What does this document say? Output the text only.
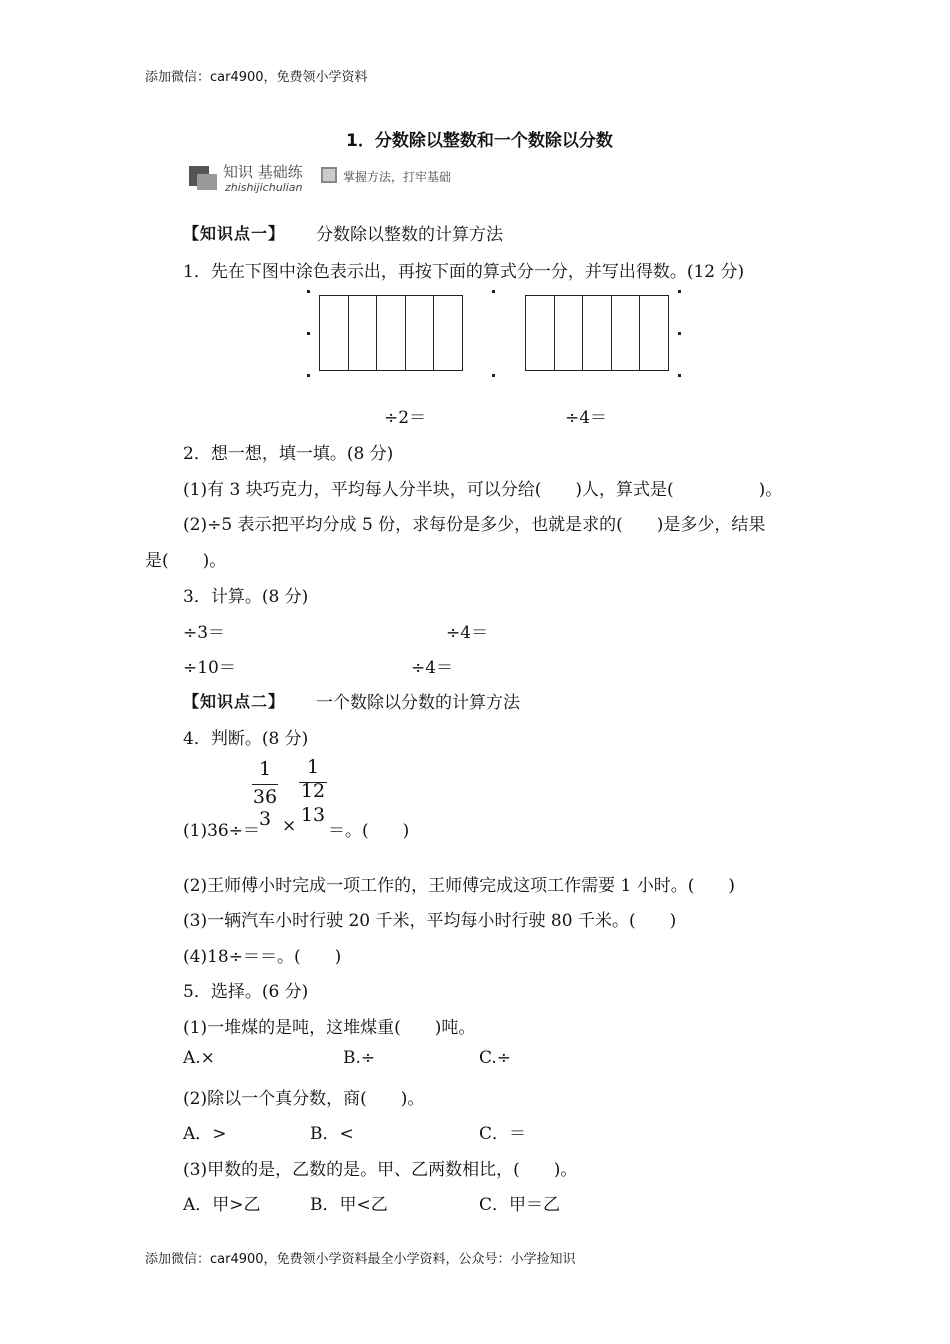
添加微信：car4900，免费领小学资料
1．分数除以整数和一个数除以分数
知识 基础练
zhishijichulian
掌握方法，打牢基础
【知识点一】 分数除以整数的计算方法
1．先在下图中涂色表示出，再按下面的算式分一分，并写出得数。(12 分)
÷2＝	÷4＝
2．想一想，填一填。(8 分)
(1)有 3 块巧克力，平均每人分半块，可以分给(　　)人，算式是(　　　　　)。
(2)÷5 表示把平均分成 5 份，求每份是多少，也就是求的(　　)是多少，结果
是(　　)。
3．计算。(8 分)
÷3＝	÷4＝
÷10＝	÷4＝
【知识点二】 一个数除以分数的计算方法
4．判断。(8 分)
1
36
3
1
12
13
(1)36÷＝ × ＝。(　　)
(2)王师傅小时完成一项工作的，王师傅完成这项工作需要 1 小时。(　　)
(3)一辆汽车小时行驶 20 千米，平均每小时行驶 80 千米。(　　)
(4)18÷＝＝。(　　)
5．选择。(6 分)
(1)一堆煤的是吨，这堆煤重(　　)吨。
A.×	B.÷	C.÷
(2)除以一个真分数，商(　　)。
A．>	B．<	C．＝
(3)甲数的是，乙数的是。甲、乙两数相比，(　　)。
A．甲>乙	B．甲<乙	C．甲＝乙
添加微信：car4900，免费领小学资料最全小学资料，公众号：小学捡知识
